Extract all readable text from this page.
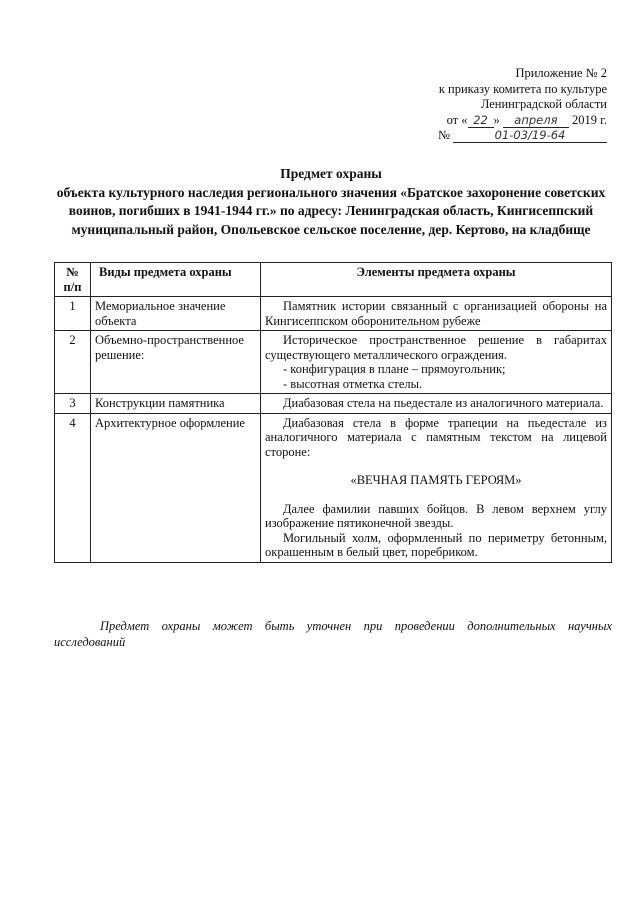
Приложение № 2
к приказу комитета по культуре
Ленинградской области
от « 22 » апреля 2019 г.
№	01-03/19-64
Предмет охраны
объекта культурного наследия регионального значения «Братское захоронение советских воинов, погибших в 1941-1944 гг.» по адресу: Ленинградская область, Кингисеппский муниципальный район, Опольевское сельское поселение, дер. Кертово, на кладбище
№
п/п	Виды предмета охраны	Элементы предмета охраны
1	Мемориальное значение объекта	Памятник истории связанный с организацией обороны на Кингисеппском оборонительном рубеже
2	Объемно-пространственное решение:	Историческое пространственное решение в габаритах существующего металлического ограждения.
- конфигурация в плане – прямоугольник;
- высотная отметка стелы.

3	Конструкции памятника	Диабазовая стела на пьедестале из аналогичного материала.
4	Архитектурное оформление	Диабазовая стела в форме трапеции на пьедестале из аналогичного материала с памятным текстом на лицевой стороне:
«ВЕЧНАЯ ПАМЯТЬ ГЕРОЯМ»
Далее фамилии павших бойцов. В левом верхнем углу изображение пятиконечной звезды.
Могильный холм, оформленный по периметру бетонным, окрашенным в белый цвет, поребриком.
Предмет охраны может быть уточнен при проведении дополнительных научных исследований
